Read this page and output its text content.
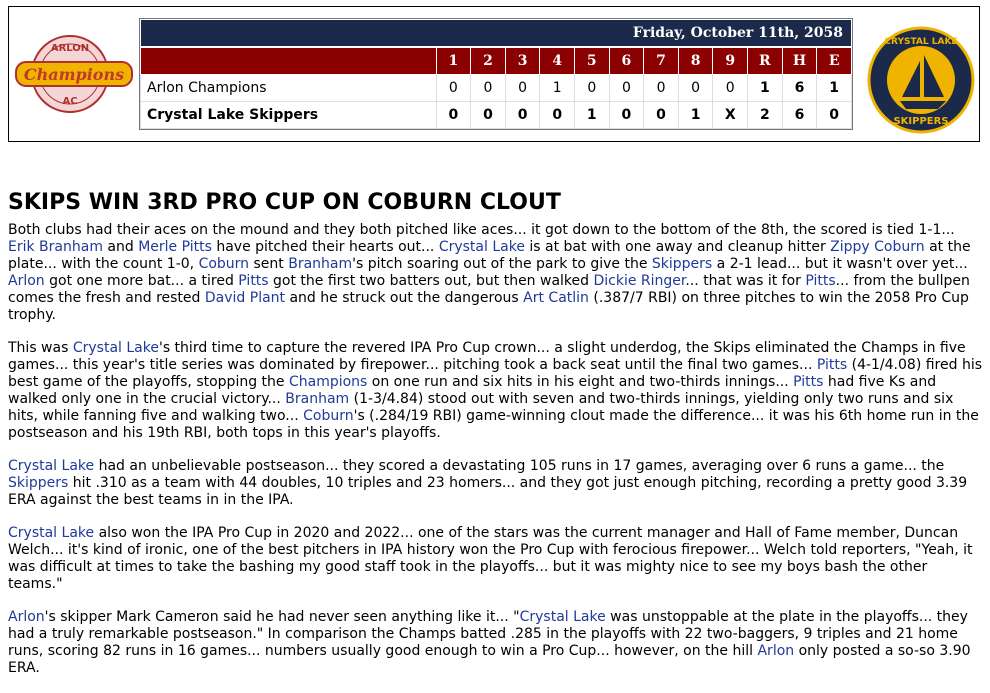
ARLON
Champions
AC
Friday, October 11th, 2058
	1	2	3	4	5	6	7	8	9	R	H	E
Arlon Champions	0	0	0	1	0	0	0	0	0	1	6	1
Crystal Lake Skippers	0	0	0	0	1	0	0	1	X	2	6	0
CRYSTAL LAKE
SKIPPERS
SKIPS WIN 3RD PRO CUP ON COBURN CLOUT

Both clubs had their aces on the mound and they both pitched like aces... it got down to the bottom of the 8th, the scored is tied 1-1... Erik Branham and Merle Pitts have pitched their hearts out... Crystal Lake is at bat with one away and cleanup hitter Zippy Coburn at the plate... with the count 1-0, Coburn sent Branham's pitch soaring out of the park to give the Skippers a 2-1 lead... but it wasn't over yet... Arlon got one more bat... a tired Pitts got the first two batters out, but then walked Dickie Ringer... that was it for Pitts... from the bullpen comes the fresh and rested David Plant and he struck out the dangerous Art Catlin (.387/7 RBI) on three pitches to win the 2058 Pro Cup trophy.

This was Crystal Lake's third time to capture the revered IPA Pro Cup crown... a slight underdog, the Skips eliminated the Champs in five games... this year's title series was dominated by firepower... pitching took a back seat until the final two games... Pitts (4-1/4.08) fired his best game of the playoffs, stopping the Champions on one run and six hits in his eight and two-thirds innings... Pitts had five Ks and walked only one in the crucial victory... Branham (1-3/4.84) stood out with seven and two-thirds innings, yielding only two runs and six hits, while fanning five and walking two... Coburn's (.284/19 RBI) game-winning clout made the difference... it was his 6th home run in the postseason and his 19th RBI, both tops in this year's playoffs.

Crystal Lake had an unbelievable postseason... they scored a devastating 105 runs in 17 games, averaging over 6 runs a game... the Skippers hit .310 as a team with 44 doubles, 10 triples and 23 homers... and they got just enough pitching, recording a pretty good 3.39 ERA against the best teams in in the IPA.

Crystal Lake also won the IPA Pro Cup in 2020 and 2022... one of the stars was the current manager and Hall of Fame member, Duncan Welch... it's kind of ironic, one of the best pitchers in IPA history won the Pro Cup with ferocious firepower... Welch told reporters, "Yeah, it was difficult at times to take the bashing my good staff took in the playoffs... but it was mighty nice to see my boys bash the other teams."

Arlon's skipper Mark Cameron said he had never seen anything like it... "Crystal Lake was unstoppable at the plate in the playoffs... they had a truly remarkable postseason." In comparison the Champs batted .285 in the playoffs with 22 two-baggers, 9 triples and 21 home runs, scoring 82 runs in 16 games... numbers usually good enough to win a Pro Cup... however, on the hill Arlon only posted a so-so 3.90 ERA.
